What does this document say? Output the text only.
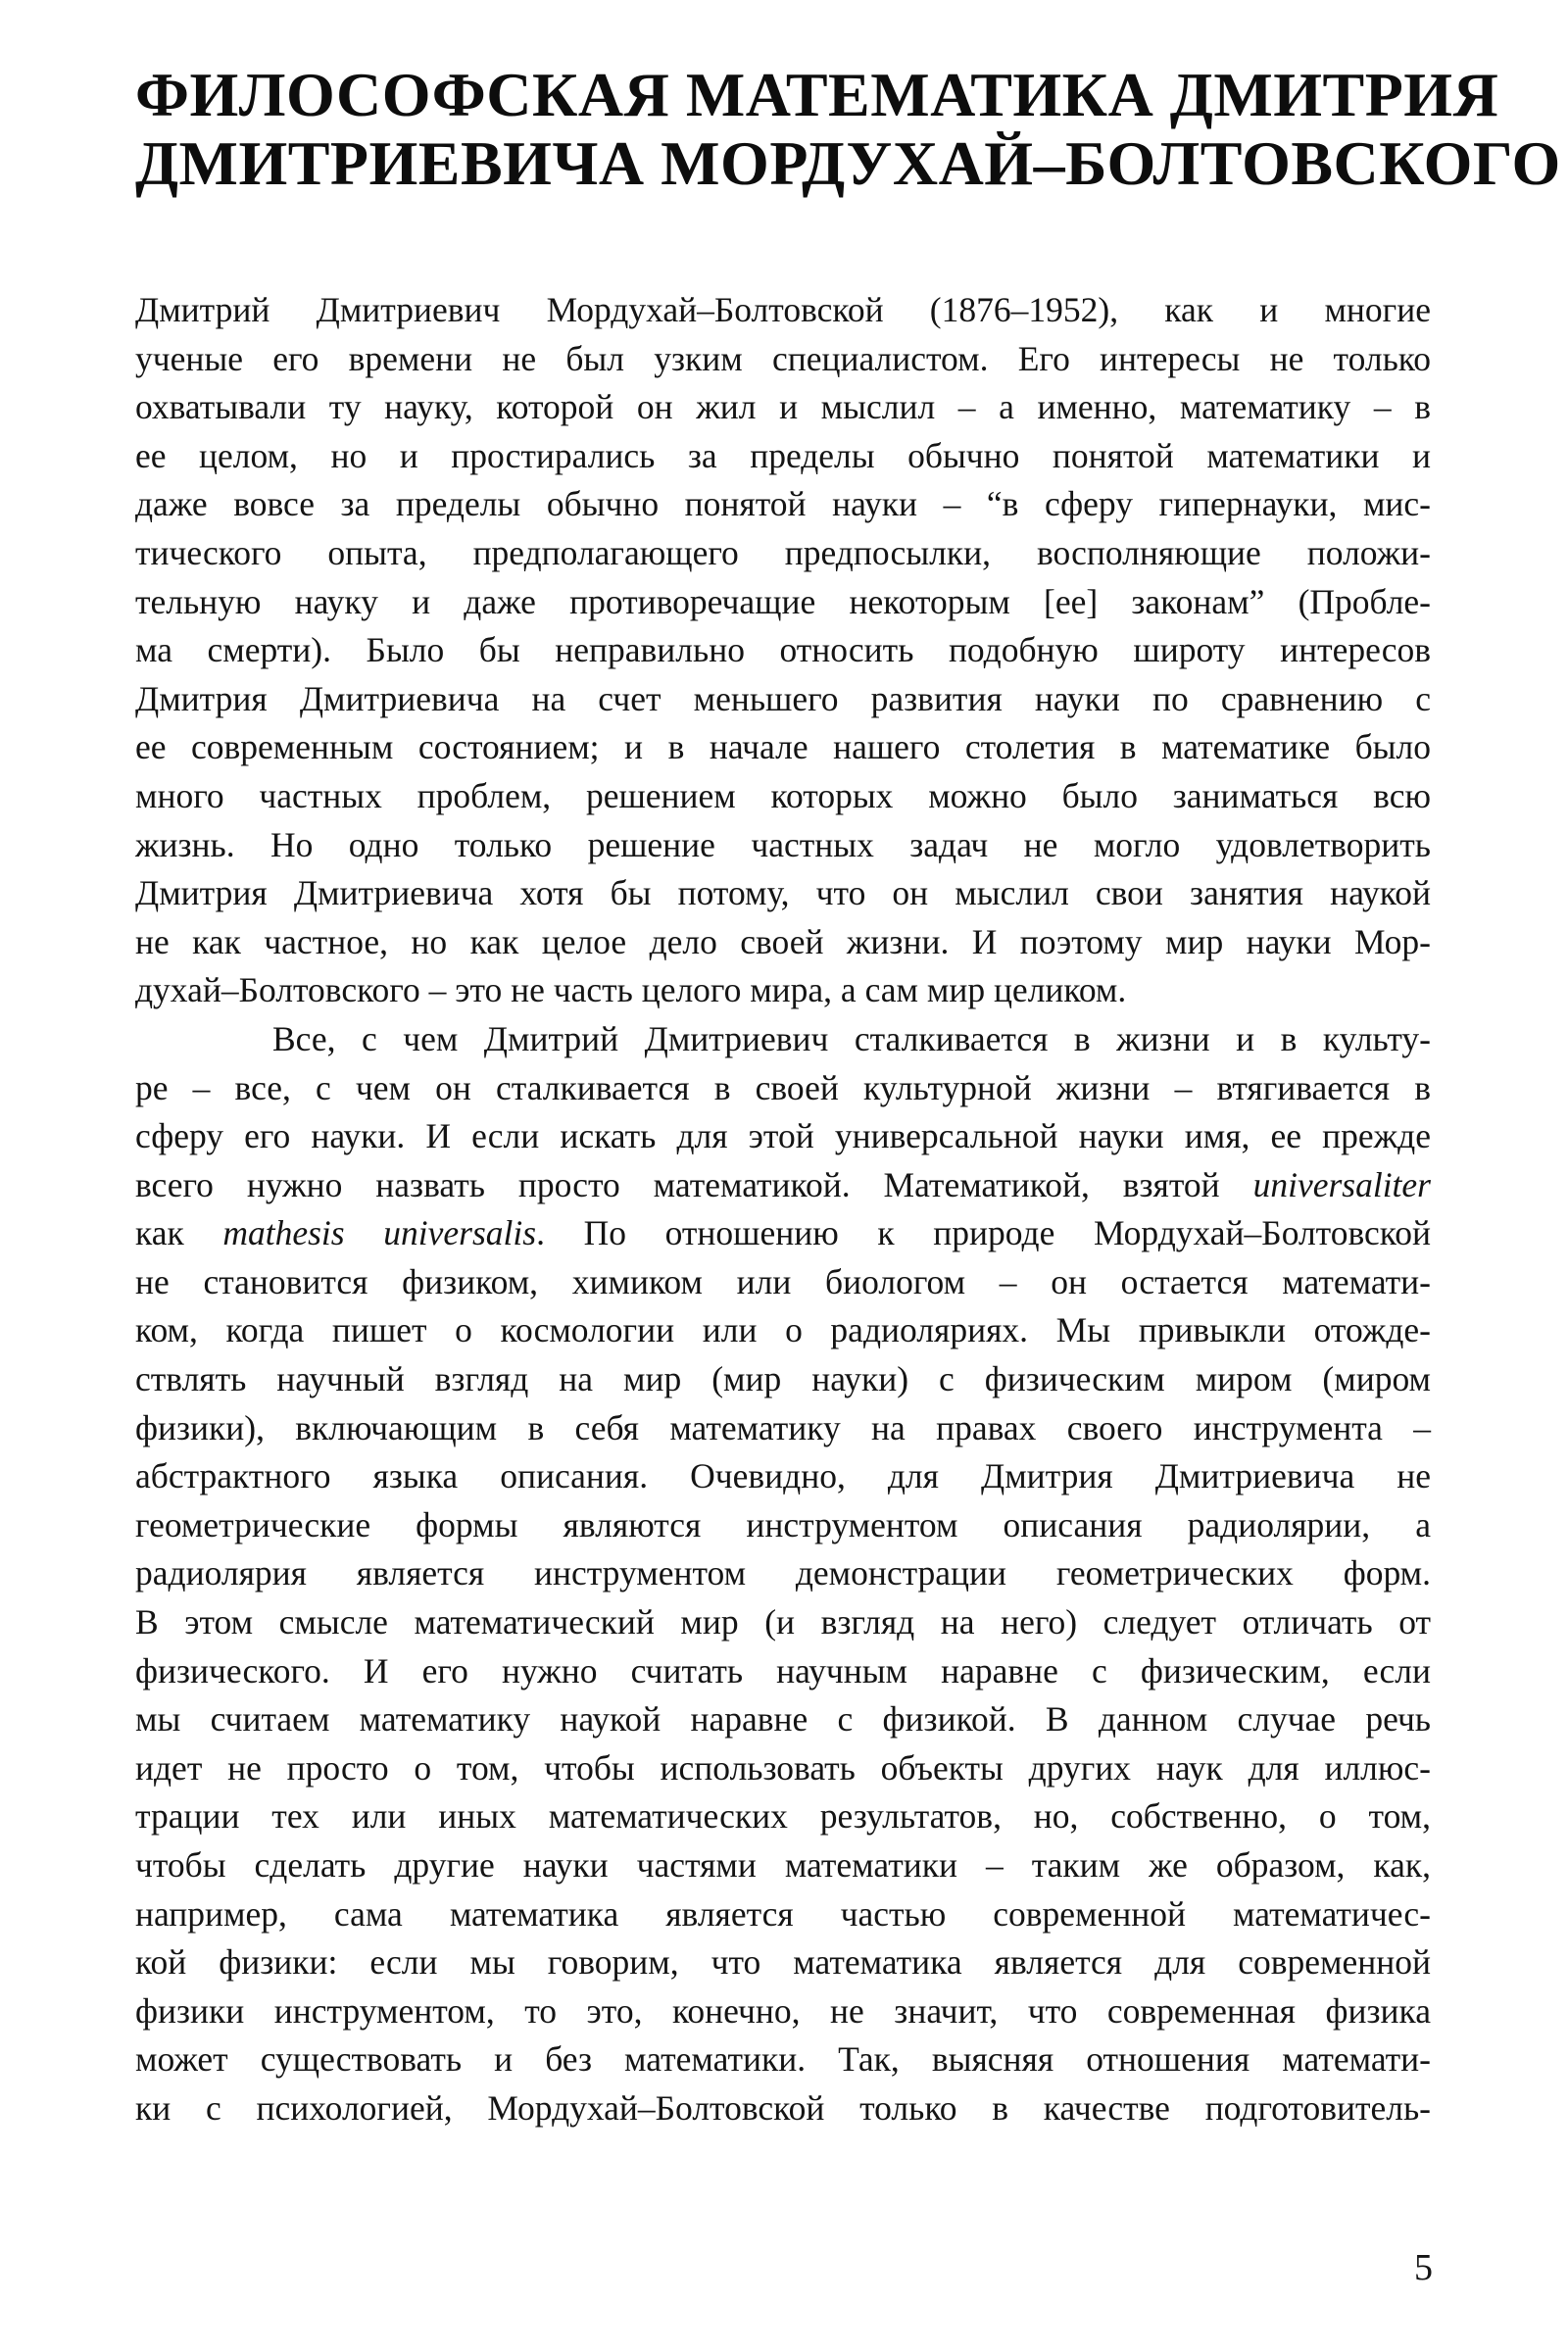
ФИЛОСОФСКАЯ МАТЕМАТИКА ДМИТРИЯ
ДМИТРИЕВИЧА МОРДУХАЙ–БОЛТОВСКОГО

Дмитрий Дмитриевич Мордухай–Болтовской (1876–1952), как и многие
ученые его времени не был узким специалистом. Его интересы не только
охватывали ту науку, которой он жил и мыслил – а именно, математику – в
ее целом, но и простирались за пределы обычно понятой математики и
даже вовсе за пределы обычно понятой науки – “в сферу гипернауки, мис-
тического опыта, предполагающего предпосылки, восполняющие положи-
тельную науку и даже противоречащие некоторым [ее] законам” (Пробле-
ма смерти). Было бы неправильно относить подобную широту интересов
Дмитрия Дмитриевича на счет меньшего развития науки по сравнению с
ее современным состоянием; и в начале нашего столетия в математике было
много частных проблем, решением которых можно было заниматься всю
жизнь. Но одно только решение частных задач не могло удовлетворить
Дмитрия Дмитриевича хотя бы потому, что он мыслил свои занятия наукой
не как частное, но как целое дело своей жизни. И поэтому мир науки Мор-
духай–Болтовского – это не часть целого мира, а сам мир целиком.

Все, с чем Дмитрий Дмитриевич сталкивается в жизни и в культу-
ре – все, с чем он сталкивается в своей культурной жизни – втягивается в
сферу его науки. И если искать для этой универсальной науки имя, ее прежде
всего нужно назвать просто математикой. Математикой, взятой universaliter
как mathesis universalis. По отношению к природе Мордухай–Болтовской
не становится физиком, химиком или биологом – он остается математи-
ком, когда пишет о космологии или о радиоляриях. Мы привыкли отожде-
ствлять научный взгляд на мир (мир науки) с физическим миром (миром
физики), включающим в себя математику на правах своего инструмента –
абстрактного языка описания. Очевидно, для Дмитрия Дмитриевича не
геометрические формы являются инструментом описания радиолярии, а
радиолярия является инструментом демонстрации геометрических форм.
В этом смысле математический мир (и взгляд на него) следует отличать от
физического. И его нужно считать научным наравне с физическим, если
мы считаем математику наукой наравне с физикой. В данном случае речь
идет не просто о том, чтобы использовать объекты других наук для иллюс-
трации тех или иных математических результатов, но, собственно, о том,
чтобы сделать другие науки частями математики – таким же образом, как,
например, сама математика является частью современной математичес-
кой физики: если мы говорим, что математика является для современной
физики инструментом, то это, конечно, не значит, что современная физика
может существовать и без математики. Так, выясняя отношения математи-
ки с психологией, Мордухай–Болтовской только в качестве подготовитель-

5
